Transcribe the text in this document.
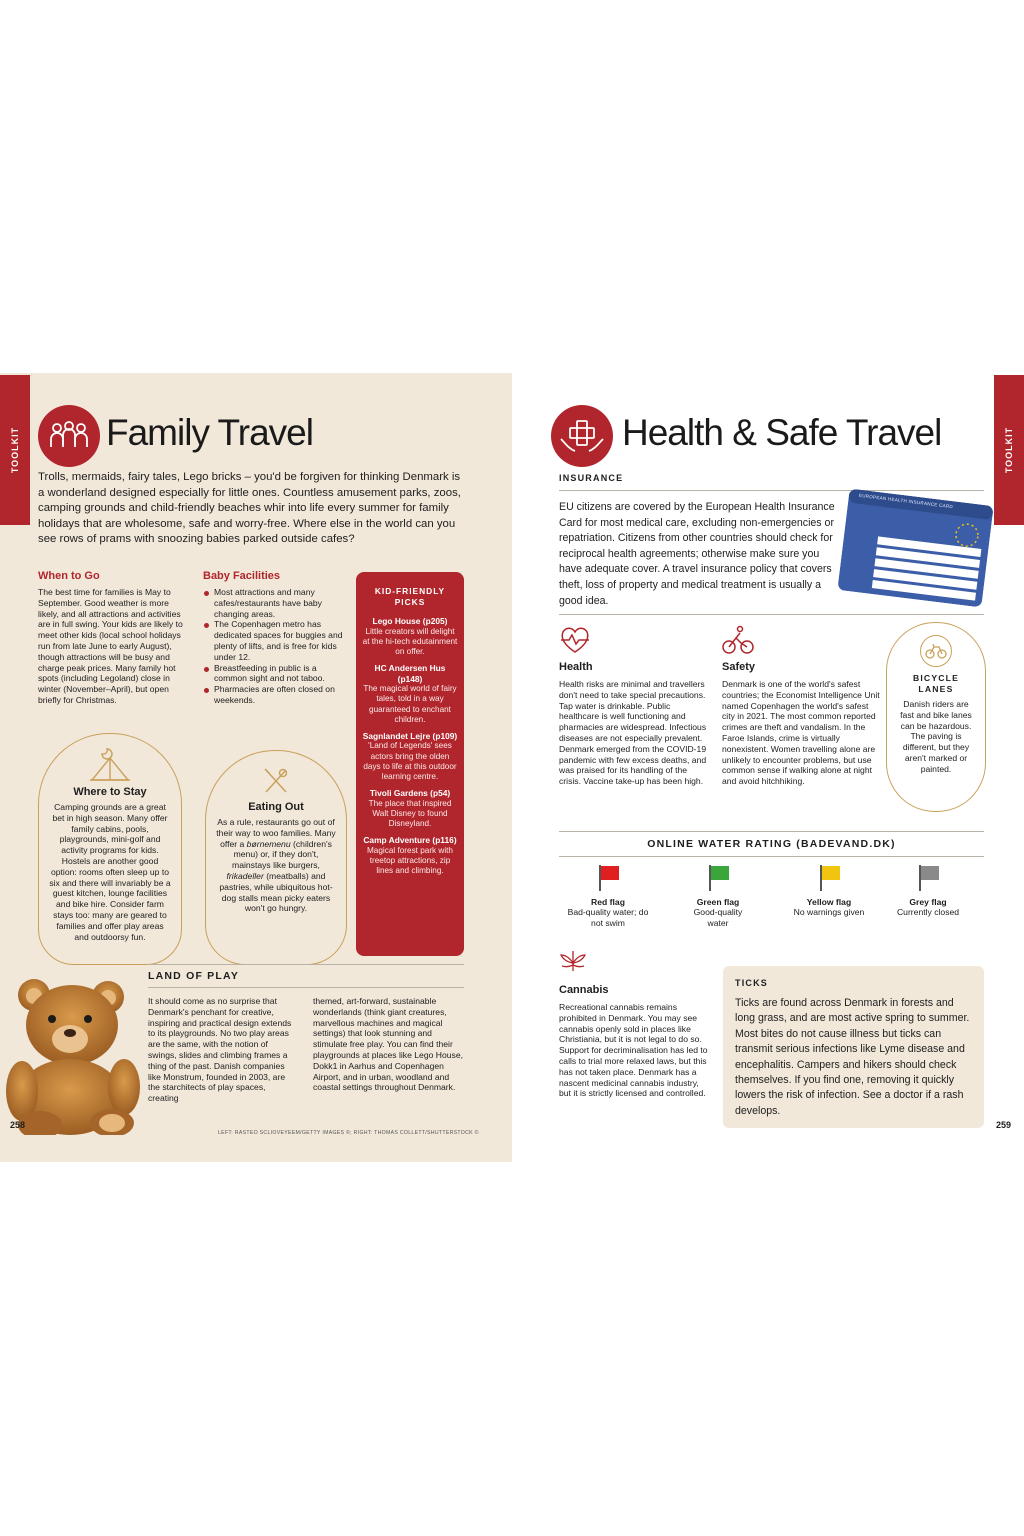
TOOLKIT Family Travel
Trolls, mermaids, fairy tales, Lego bricks – you'd be forgiven for thinking Denmark is a wonderland designed especially for little ones. Countless amusement parks, zoos, camping grounds and child-friendly beaches whir into life every summer for family holidays that are wholesome, safe and worry-free. Where else in the world can you see rows of prams with snoozing babies parked outside cafes?
When to Go
The best time for families is May to September. Good weather is more likely, and all attractions and activities are in full swing. Your kids are likely to meet other kids (local school holidays run from late June to early August), though attractions will be busy and charge peak prices. Many family hot spots (including Legoland) close in winter (November–April), but open briefly for Christmas.
Baby Facilities
Most attractions and many cafes/restaurants have baby changing areas.
The Copenhagen metro has dedicated spaces for buggies and plenty of lifts, and is free for kids under 12.
Breastfeeding in public is a common sight and not taboo.
Pharmacies are often closed on weekends.
KID-FRIENDLY PICKS
Lego House (p205)
Little creators will delight at the hi-tech edutainment on offer.
HC Andersen Hus (p148)
The magical world of fairy tales, told in a way guaranteed to enchant children.
Sagnlandet Lejre (p109)
'Land of Legends' sees actors bring the olden days to life at this outdoor learning centre.
Tivoli Gardens (p54)
The place that inspired Walt Disney to found Disneyland.
Camp Adventure (p116)
Magical forest park with treetop attractions, zip lines and climbing.
Where to Stay
Camping grounds are a great bet in high season. Many offer family cabins, pools, playgrounds, mini-golf and activity programs for kids. Hostels are another good option: rooms often sleep up to six and there will invariably be a guest kitchen, lounge facilities and bike hire. Consider farm stays too: many are geared to families and offer play areas and outdoorsy fun.
Eating Out
As a rule, restaurants go out of their way to woo families. Many offer a børnemenu (children's menu) or, if they don't, mainstays like burgers, frikadeller (meatballs) and pastries, while ubiquitous hot-dog stalls mean picky eaters won't go hungry.
LAND OF PLAY
It should come as no surprise that Denmark's penchant for creative, inspiring and practical design extends to its playgrounds. No two play areas are the same, with the notion of swings, slides and climbing frames a thing of the past. Danish companies like Monstrum, founded in 2003, are the starchitects of play spaces, creating
themed, art-forward, sustainable wonderlands (think giant creatures, marvellous machines and magical settings) that look stunning and stimulate free play. You can find their playgrounds at places like Lego House, Dokk1 in Aarhus and Copenhagen Airport, and in urban, woodland and coastal settings throughout Denmark.
258
LEFT: RASTEO SCLIOVEYEEM/GETTY IMAGES ©; RIGHT: THOMAS COLLETT/SHUTTERSTOCK ©
TOOLKIT
Health & Safe Travel
INSURANCE
EU citizens are covered by the European Health Insurance Card for most medical care, excluding non-emergencies or repatriation. Citizens from other countries should check for reciprocal health agreements; otherwise make sure you have adequate cover. A travel insurance policy that covers theft, loss of property and medical treatment is usually a good idea.
EUROPEAN HEALTH INSURANCE CARD
Health
Health risks are minimal and travellers don't need to take special precautions. Tap water is drinkable. Public healthcare is well functioning and pharmacies are widespread. Infectious diseases are not especially prevalent. Denmark emerged from the COVID-19 pandemic with few excess deaths, and was praised for its handling of the crisis. Vaccine take-up has been high.
Safety
Denmark is one of the world's safest countries; the Economist Intelligence Unit named Copenhagen the world's safest city in 2021. The most common reported crimes are theft and vandalism. In the Faroe Islands, crime is virtually nonexistent. Women travelling alone are unlikely to encounter problems, but use common sense if walking alone at night and avoid hitchhiking.
BICYCLE LANES
Danish riders are fast and bike lanes can be hazardous. The paving is different, but they aren't marked or painted.
ONLINE WATER RATING (BADEVAND.DK)
Red flag
Bad-quality water; do not swim
Green flag
Good-quality water
Yellow flag
No warnings given
Grey flag
Currently closed
Cannabis
Recreational cannabis remains prohibited in Denmark. You may see cannabis openly sold in places like Christiania, but it is not legal to do so. Support for decriminalisation has led to calls to trial more relaxed laws, but this has not taken place. Denmark has a nascent medicinal cannabis industry, but it is strictly licensed and controlled.
TICKS
Ticks are found across Denmark in forests and long grass, and are most active spring to summer. Most bites do not cause illness but ticks can transmit serious infections like Lyme disease and encephalitis. Campers and hikers should check themselves. If you find one, removing it quickly lowers the risk of infection. See a doctor if a rash develops.
259
